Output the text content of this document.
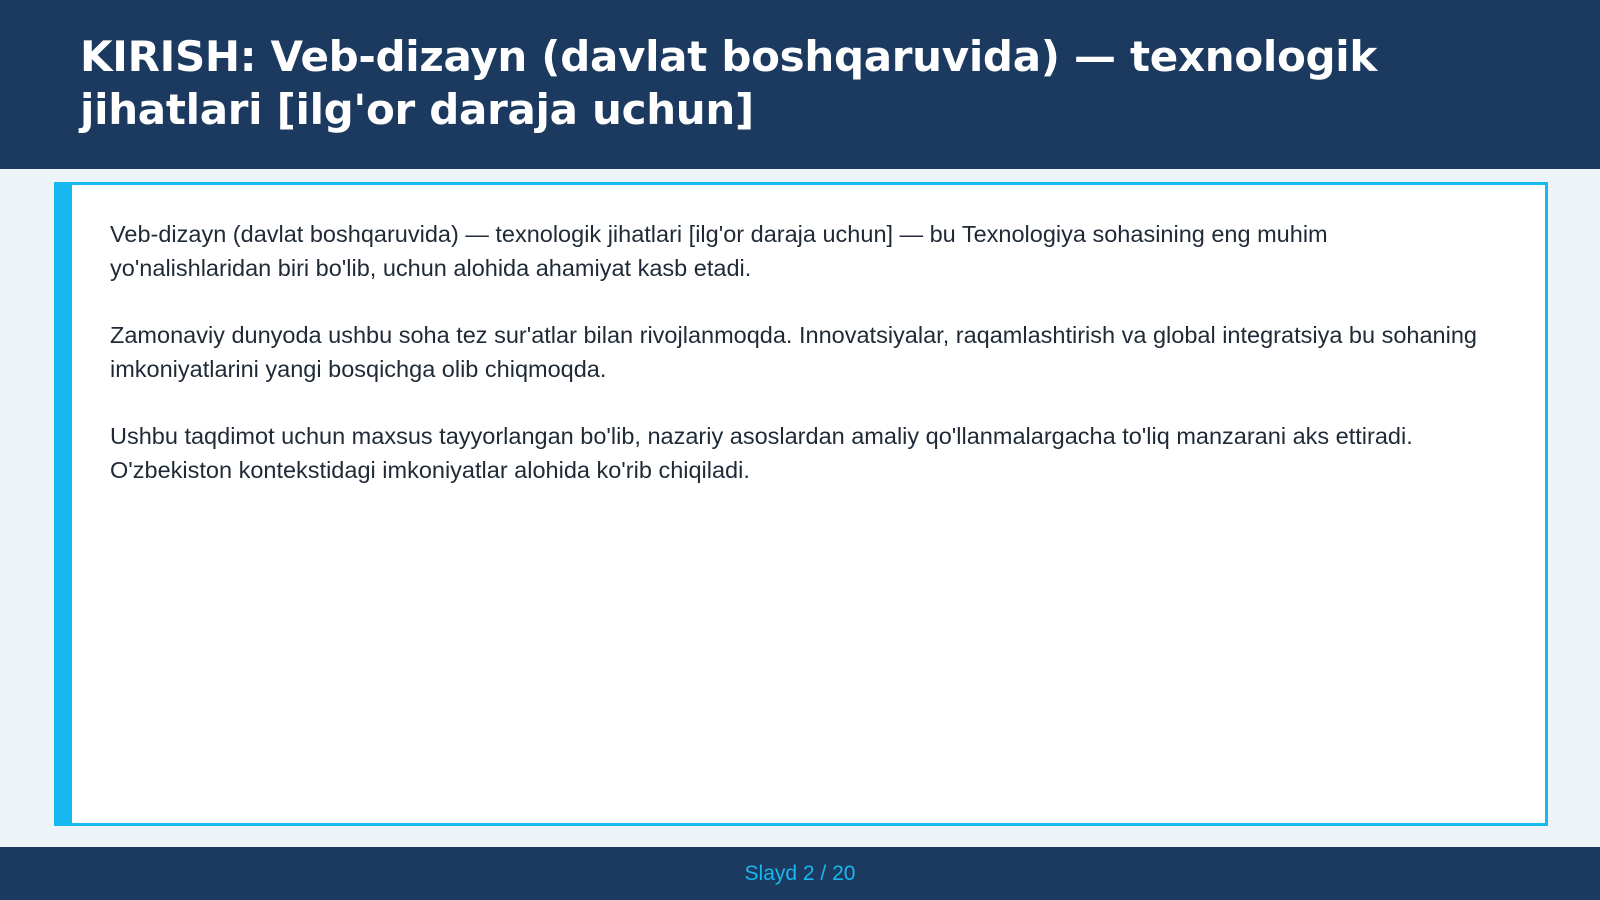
KIRISH: Veb-dizayn (davlat boshqaruvida) — texnologik jihatlari [ilg'or daraja uchun]

Veb-dizayn (davlat boshqaruvida) — texnologik jihatlari [ilg'or daraja uchun] — bu Texnologiya sohasining eng muhim yo'nalishlaridan biri bo'lib, uchun alohida ahamiyat kasb etadi.

Zamonaviy dunyoda ushbu soha tez sur'atlar bilan rivojlanmoqda. Innovatsiyalar, raqamlashtirish va global integratsiya bu sohaning imkoniyatlarini yangi bosqichga olib chiqmoqda.

Ushbu taqdimot uchun maxsus tayyorlangan bo'lib, nazariy asoslardan amaliy qo'llanmalargacha to'liq manzarani aks ettiradi. O'zbekiston kontekstidagi imkoniyatlar alohida ko'rib chiqiladi.

Slayd 2 / 20
